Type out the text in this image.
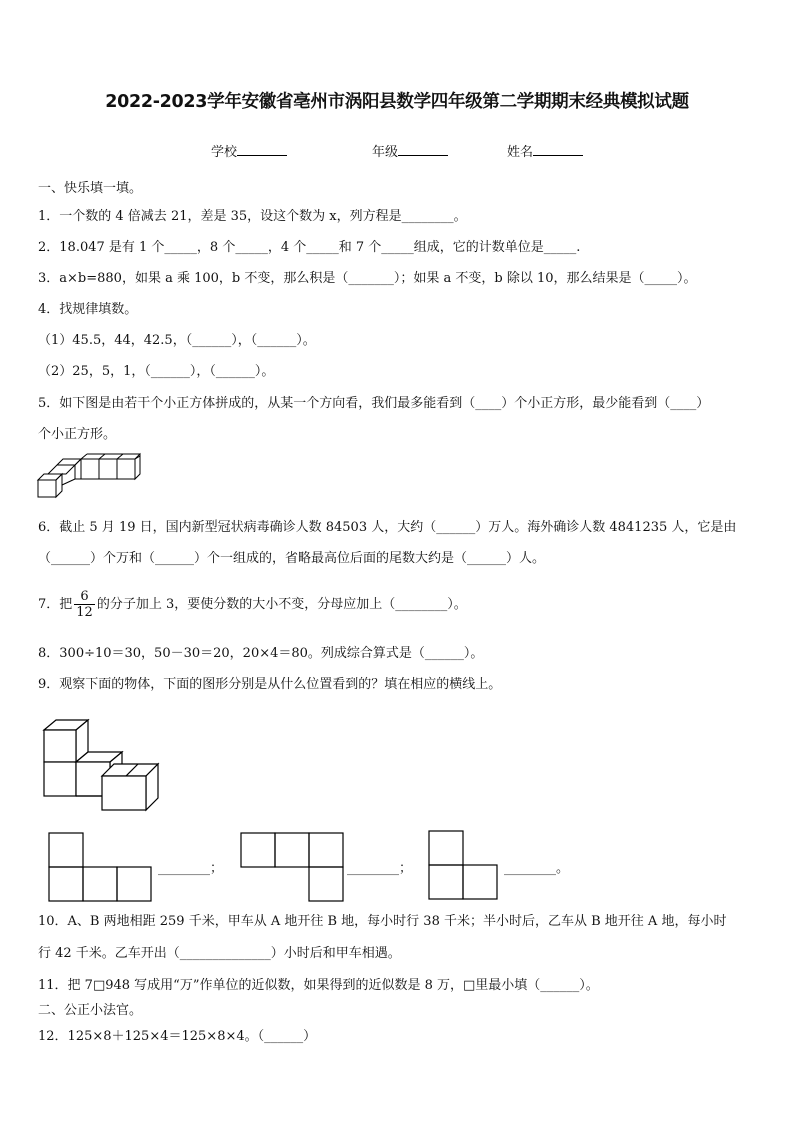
2022-2023学年安徽省亳州市涡阳县数学四年级第二学期期末经典模拟试题
学校	年级	姓名
一、快乐填一填。
1．一个数的 4 倍减去 21，差是 35，设这个数为 x，列方程是________。
2．18.047 是有 1 个_____，8 个_____，4 个_____和 7 个_____组成，它的计数单位是_____.
3．a×b=880，如果 a 乘 100，b 不变，那么积是（_______）；如果 a 不变，b 除以 10，那么结果是（_____）。
4．找规律填数。
（1）45.5，44，42.5，（______），（______）。
（2）25，5，1，（______），（______）。
5．如下图是由若干个小正方体拼成的，从某一个方向看，我们最多能看到（____）个小正方形，最少能看到（____）
个小正方形。
6．截止 5 月 19 日，国内新型冠状病毒确诊人数 84503 人，大约（______）万人。海外确诊人数 4841235 人，它是由
（______）个万和（______）个一组成的，省略最高位后面的尾数大约是（______）人。
7．把 $\frac{6}{12}$ 的分子加上 3，要使分数的大小不变，分母应加上（________）。
8．300÷10＝30，50－30＝20，20×4＝80。列成综合算式是（______）。
9．观察下面的物体，下面的图形分别是从什么位置看到的？填在相应的横线上。
________；	________；	________。
10．A、B 两地相距 259 千米，甲车从 A 地开往 B 地，每小时行 38 千米；半小时后，乙车从 B 地开往 A 地，每小时
行 42 千米。乙车开出（______________）小时后和甲车相遇。
11．把 7□948 写成用“万”作单位的近似数，如果得到的近似数是 8 万，□里最小填（______）。
二、公正小法官。
12．125×8＋125×4＝125×8×4。（______）
